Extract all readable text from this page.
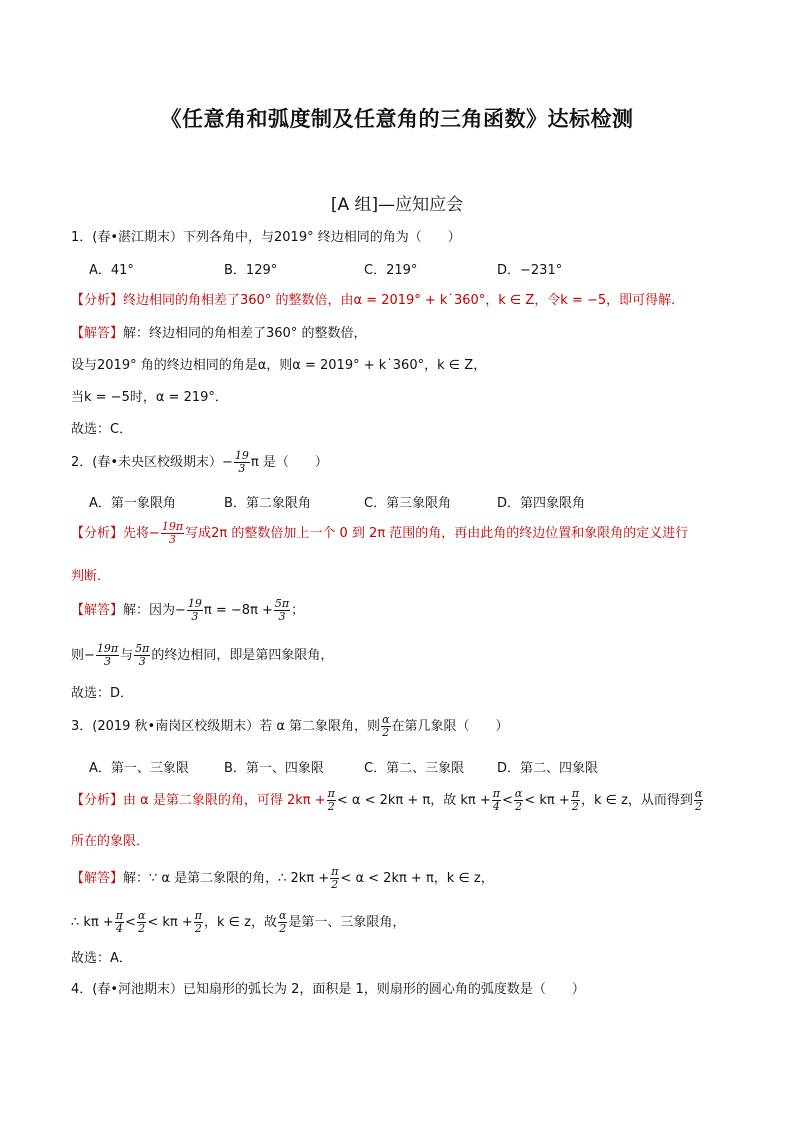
《任意角和弧度制及任意角的三角函数》达标检测
[A 组]—应知应会
1．(春•湛江期末）下列各角中，与2019° 终边相同的角为（　　）
A．41°	B．129°	C．219°	D．−231°
【分析】终边相同的角相差了360° 的整数倍，由α = 2019° + k˙360°，k ∈ Z，令k = −5，即可得解．
【解答】解：终边相同的角相差了360° 的整数倍，
设与2019° 角的终边相同的角是α，则α = 2019° + k˙360°，k ∈ Z，
当k = −5时，α = 219°．
故选：C．
2．(春•未央区校级期末）− $\frac{19}{3}$ π 是（　　）
A．第一象限角	B．第二象限角	C．第三象限角	D．第四象限角
【分析】先将− $\frac{19\pi}{3}$ 写成2π 的整数倍加上一个 0 到 2π 范围的角，再由此角的终边位置和象限角的定义进行
判断．
【解答】解：因为− $\frac{19}{3}$ $\pi = -8\pi + \frac{5\pi}{3}$ ；
则− $\frac{19\pi}{3}$ 与 $\frac{5\pi}{3}$ 的终边相同，即是第四象限角，
故选：D．
3．(2019 秋•南岗区校级期末）若 α 第二象限角，则 $\frac{\alpha}{2}$ 在第几象限（　　）
A．第一、三象限	B．第一、四象限	C．第二、三象限	D．第二、四象限
【分析】由 α 是第二象限的角，可得 $2k\pi + \frac{\pi}{2} < \alpha < 2k\pi + \pi$，故 $k\pi + \frac{\pi}{4} < \frac{\alpha}{2} < k\pi + \frac{\pi}{2}$ ，k ∈ z，从而得到 $\frac{\alpha}{2}$
所在的象限．
【解答】解：∵ α 是第二象限的角，∴ $2k\pi + \frac{\pi}{2} < \alpha < 2k\pi + \pi$，k ∈ z，
∴ $k\pi + \frac{\pi}{4} < \frac{\alpha}{2} < k\pi + \frac{\pi}{2}$ ，k ∈ z，故 $\frac{\alpha}{2}$ 是第一、三象限角，
故选：A．
4．(春•河池期末）已知扇形的弧长为 2，面积是 1，则扇形的圆心角的弧度数是（　　）
